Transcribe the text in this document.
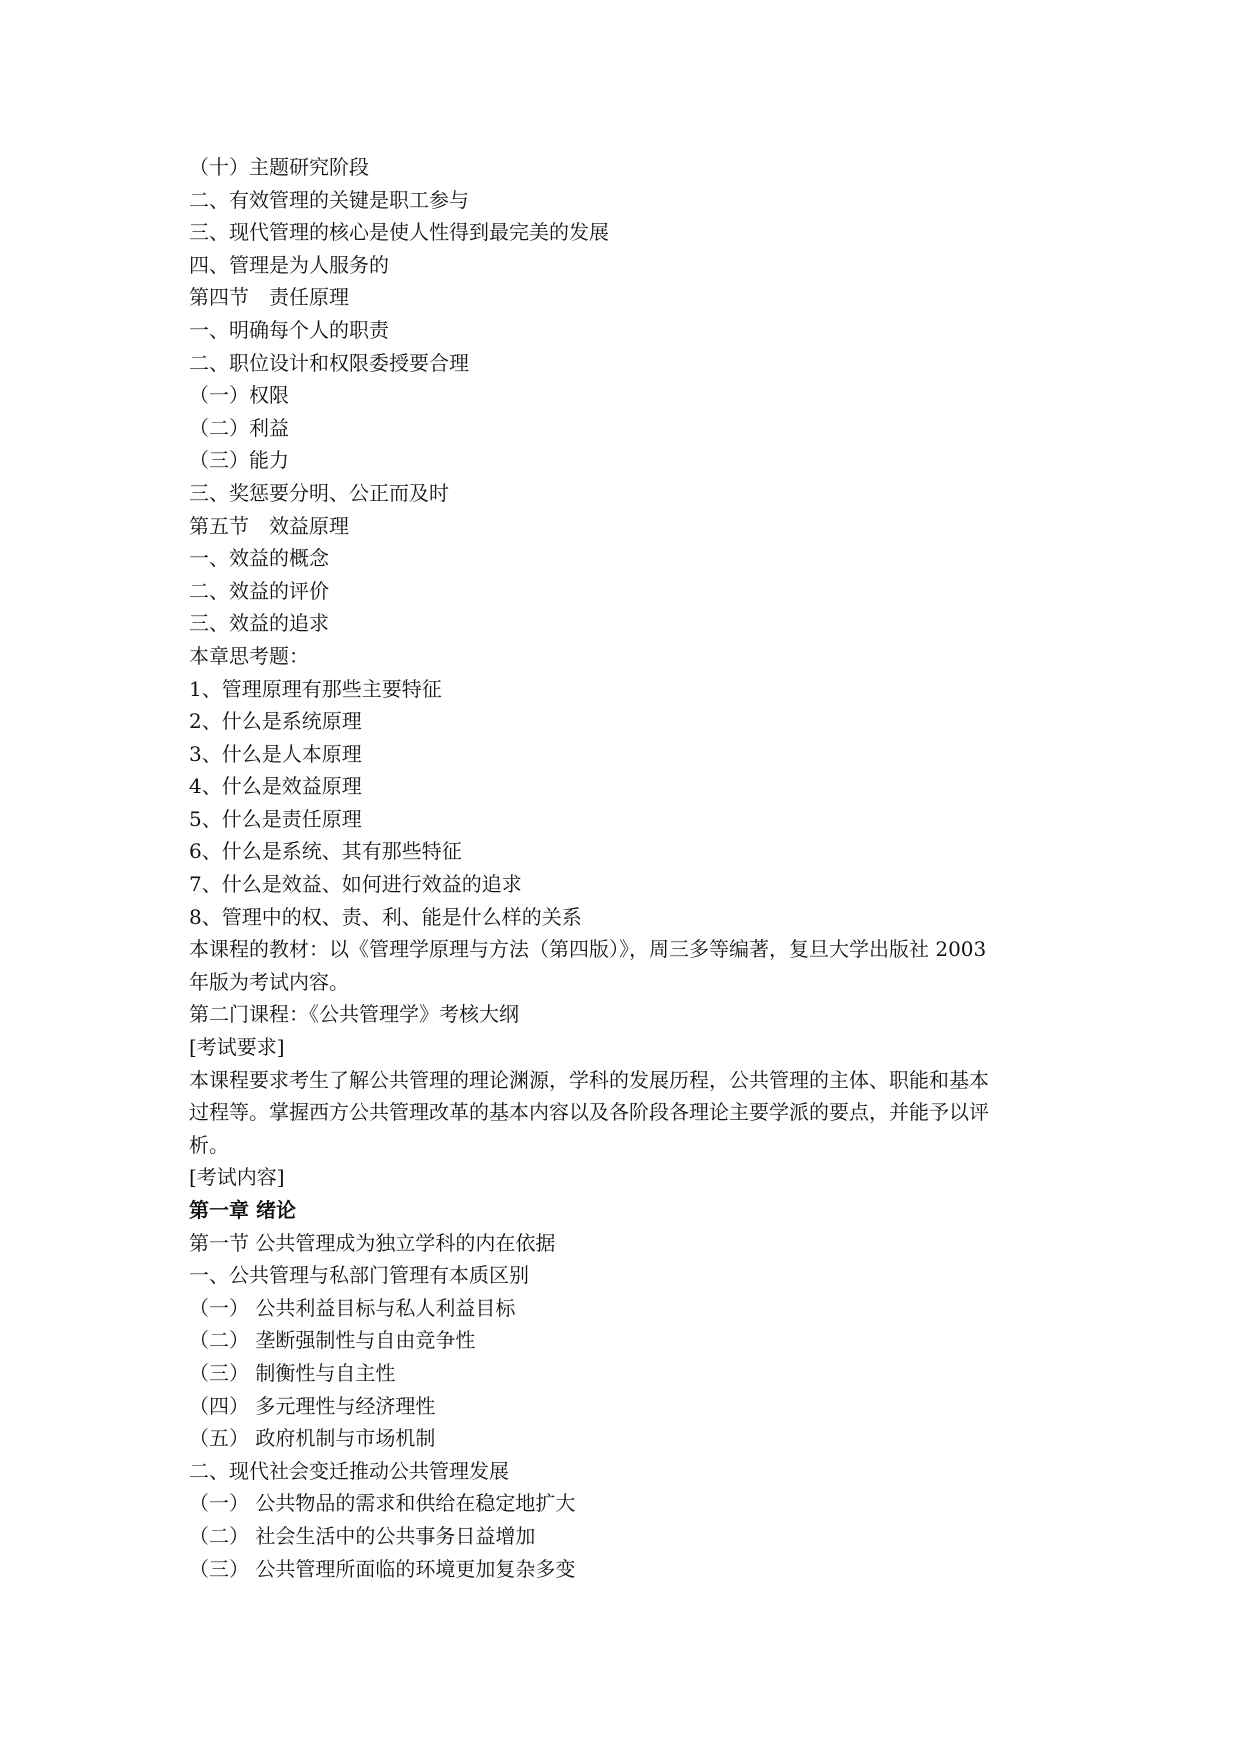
（十）主题研究阶段
二、有效管理的关键是职工参与
三、现代管理的核心是使人性得到最完美的发展
四、管理是为人服务的
第四节　责任原理
一、明确每个人的职责
二、职位设计和权限委授要合理
（一）权限
（二）利益
（三）能力
三、奖惩要分明、公正而及时
第五节　效益原理
一、效益的概念
二、效益的评价
三、效益的追求
本章思考题：
1、管理原理有那些主要特征
2、什么是系统原理
3、什么是人本原理
4、什么是效益原理
5、什么是责任原理
6、什么是系统、其有那些特征
7、什么是效益、如何进行效益的追求
8、管理中的权、责、利、能是什么样的关系
本课程的教材：以《管理学原理与方法（第四版）》，周三多等编著，复旦大学出版社 2003
年版为考试内容。
第二门课程：《公共管理学》考核大纲
[考试要求]
本课程要求考生了解公共管理的理论渊源，学科的发展历程，公共管理的主体、职能和基本
过程等。掌握西方公共管理改革的基本内容以及各阶段各理论主要学派的要点，并能予以评
析。
[考试内容]
第一章 绪论
第一节 公共管理成为独立学科的内在依据
一、公共管理与私部门管理有本质区别
（一） 公共利益目标与私人利益目标
（二） 垄断强制性与自由竞争性
（三） 制衡性与自主性
（四） 多元理性与经济理性
（五） 政府机制与市场机制
二、现代社会变迁推动公共管理发展
（一） 公共物品的需求和供给在稳定地扩大
（二） 社会生活中的公共事务日益增加
（三） 公共管理所面临的环境更加复杂多变
